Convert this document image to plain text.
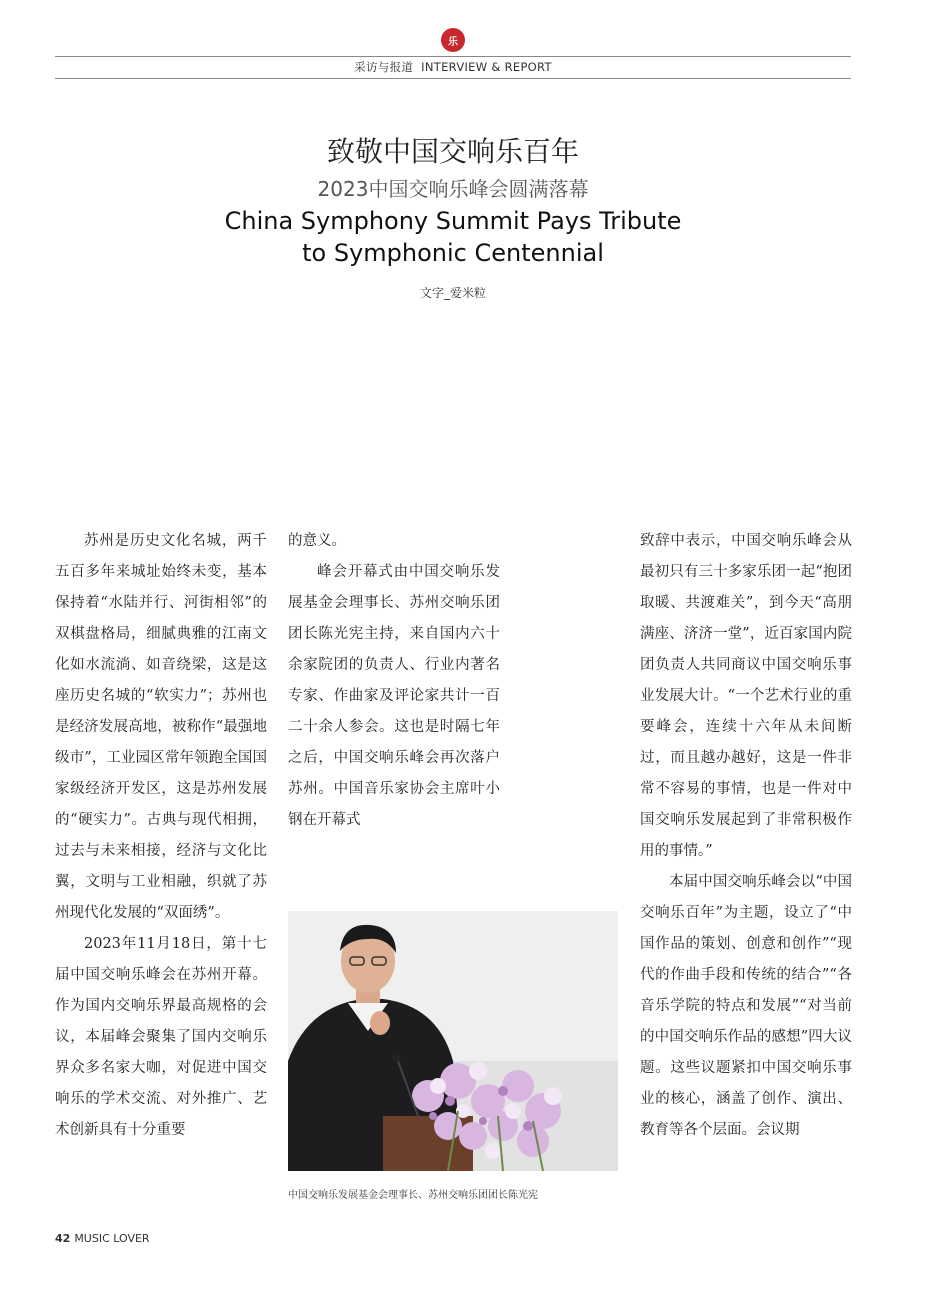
乐
采访与报道 INTERVIEW & REPORT
致敬中国交响乐百年
2023中国交响乐峰会圆满落幕
China Symphony Summit Pays Tribute
to Symphonic Centennial
文字_爱米粒

苏州是历史文化名城，两千五百多年来城址始终未变，基本保持着“水陆并行、河街相邻”的双棋盘格局，细腻典雅的江南文化如水流淌、如音绕梁，这是这座历史名城的“软实力”；苏州也是经济发展高地，被称作“最强地级市”，工业园区常年领跑全国国家级经济开发区，这是苏州发展的“硬实力”。古典与现代相拥，过去与未来相接，经济与文化比翼，文明与工业相融，织就了苏州现代化发展的“双面绣”。

2023年11月18日，第十七届中国交响乐峰会在苏州开幕。作为国内交响乐界最高规格的会议，本届峰会聚集了国内交响乐界众多名家大咖，对促进中国交响乐的学术交流、对外推广、艺术创新具有十分重要

的意义。

峰会开幕式由中国交响乐发展基金会理事长、苏州交响乐团团长陈光宪主持，来自国内六十余家院团的负责人、行业内著名专家、作曲家及评论家共计一百二十余人参会。这也是时隔七年之后，中国交响乐峰会再次落户苏州。中国音乐家协会主席叶小钢在开幕式

中国交响乐发展基金会理事长、苏州交响乐团团长陈光宪

致辞中表示，中国交响乐峰会从最初只有三十多家乐团一起“抱团取暖、共渡难关”，到今天“高朋满座、济济一堂”，近百家国内院团负责人共同商议中国交响乐事业发展大计。“一个艺术行业的重要峰会，连续十六年从未间断过，而且越办越好，这是一件非常不容易的事情，也是一件对中国交响乐发展起到了非常积极作用的事情。”

本届中国交响乐峰会以“中国交响乐百年”为主题，设立了“中国作品的策划、创意和创作”“现代的作曲手段和传统的结合”“各音乐学院的特点和发展”“对当前的中国交响乐作品的感想”四大议题。这些议题紧扣中国交响乐事业的核心，涵盖了创作、演出、教育等各个层面。会议期

42 MUSIC LOVER
